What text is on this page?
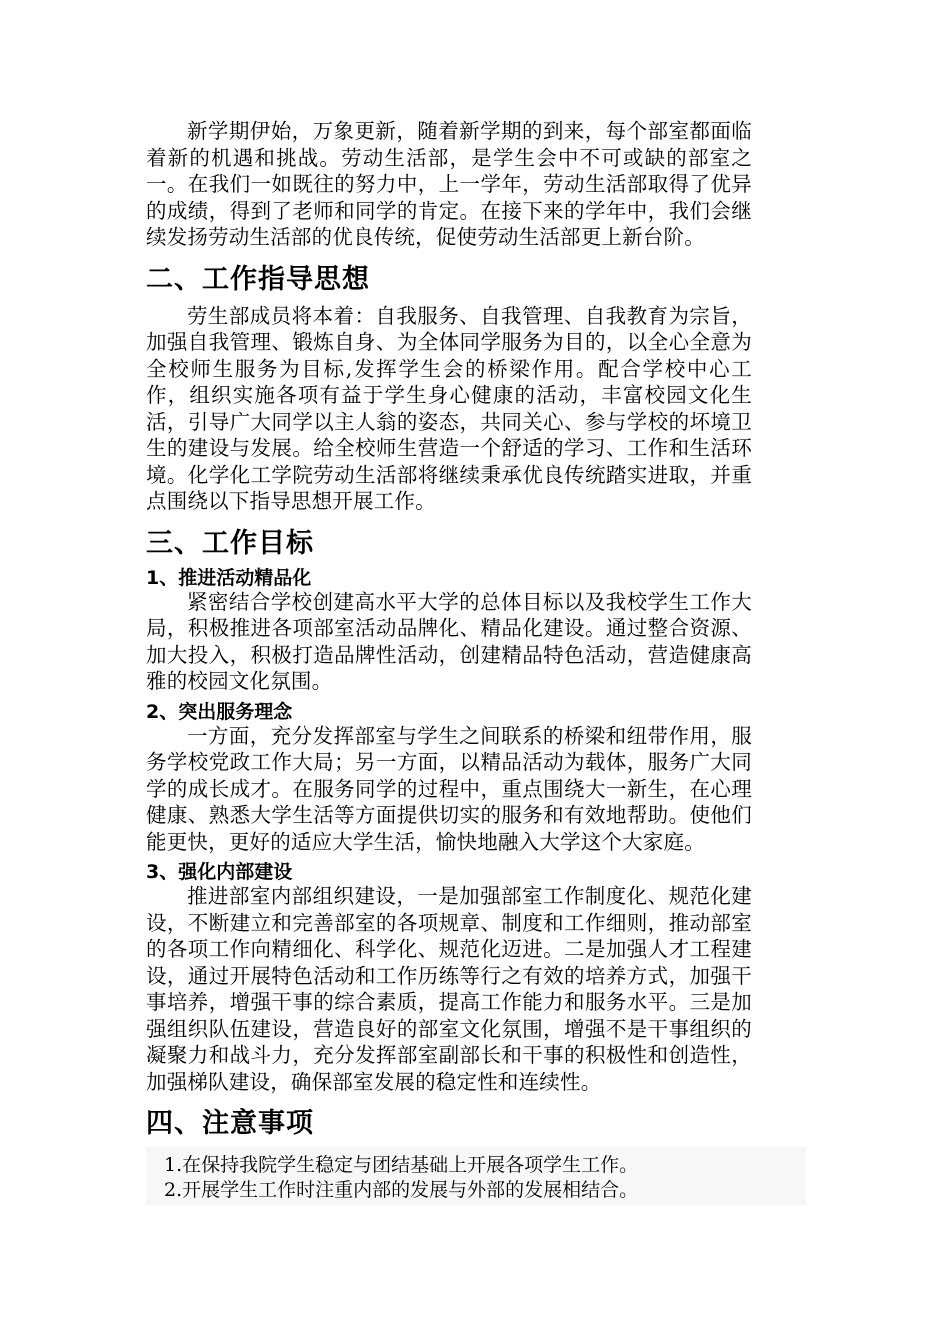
新学期伊始，万象更新，随着新学期的到来，每个部室都面临着新的机遇和挑战。劳动生活部，是学生会中不可或缺的部室之一。在我们一如既往的努力中，上一学年，劳动生活部取得了优异的成绩，得到了老师和同学的肯定。在接下来的学年中，我们会继续发扬劳动生活部的优良传统，促使劳动生活部更上新台阶。

二、工作指导思想

劳生部成员将本着：自我服务、自我管理、自我教育为宗旨，加强自我管理、锻炼自身、为全体同学服务为目的，以全心全意为全校师生服务为目标,发挥学生会的桥梁作用。配合学校中心工作，组织实施各项有益于学生身心健康的活动，丰富校园文化生活，引导广大同学以主人翁的姿态，共同关心、参与学校的坏境卫生的建设与发展。给全校师生营造一个舒适的学习、工作和生活环境。化学化工学院劳动生活部将继续秉承优良传统踏实进取，并重点围绕以下指导思想开展工作。

三、工作目标
1、推进活动精品化

紧密结合学校创建高水平大学的总体目标以及我校学生工作大局，积极推进各项部室活动品牌化、精品化建设。通过整合资源、加大投入，积极打造品牌性活动，创建精品特色活动，营造健康高雅的校园文化氛围。

2、突出服务理念

一方面，充分发挥部室与学生之间联系的桥梁和纽带作用，服务学校党政工作大局；另一方面，以精品活动为载体，服务广大同学的成长成才。在服务同学的过程中，重点围绕大一新生，在心理健康、熟悉大学生活等方面提供切实的服务和有效地帮助。使他们能更快，更好的适应大学生活，愉快地融入大学这个大家庭。

3、强化内部建设

推进部室内部组织建设，一是加强部室工作制度化、规范化建设，不断建立和完善部室的各项规章、制度和工作细则，推动部室的各项工作向精细化、科学化、规范化迈进。二是加强人才工程建设，通过开展特色活动和工作历练等行之有效的培养方式，加强干事培养，增强干事的综合素质，提高工作能力和服务水平。三是加强组织队伍建设，营造良好的部室文化氛围，增强不是干事组织的凝聚力和战斗力，充分发挥部室副部长和干事的积极性和创造性，加强梯队建设，确保部室发展的稳定性和连续性。

四、注意事项
1.在保持我院学生稳定与团结基础上开展各项学生工作。
2.开展学生工作时注重内部的发展与外部的发展相结合。
